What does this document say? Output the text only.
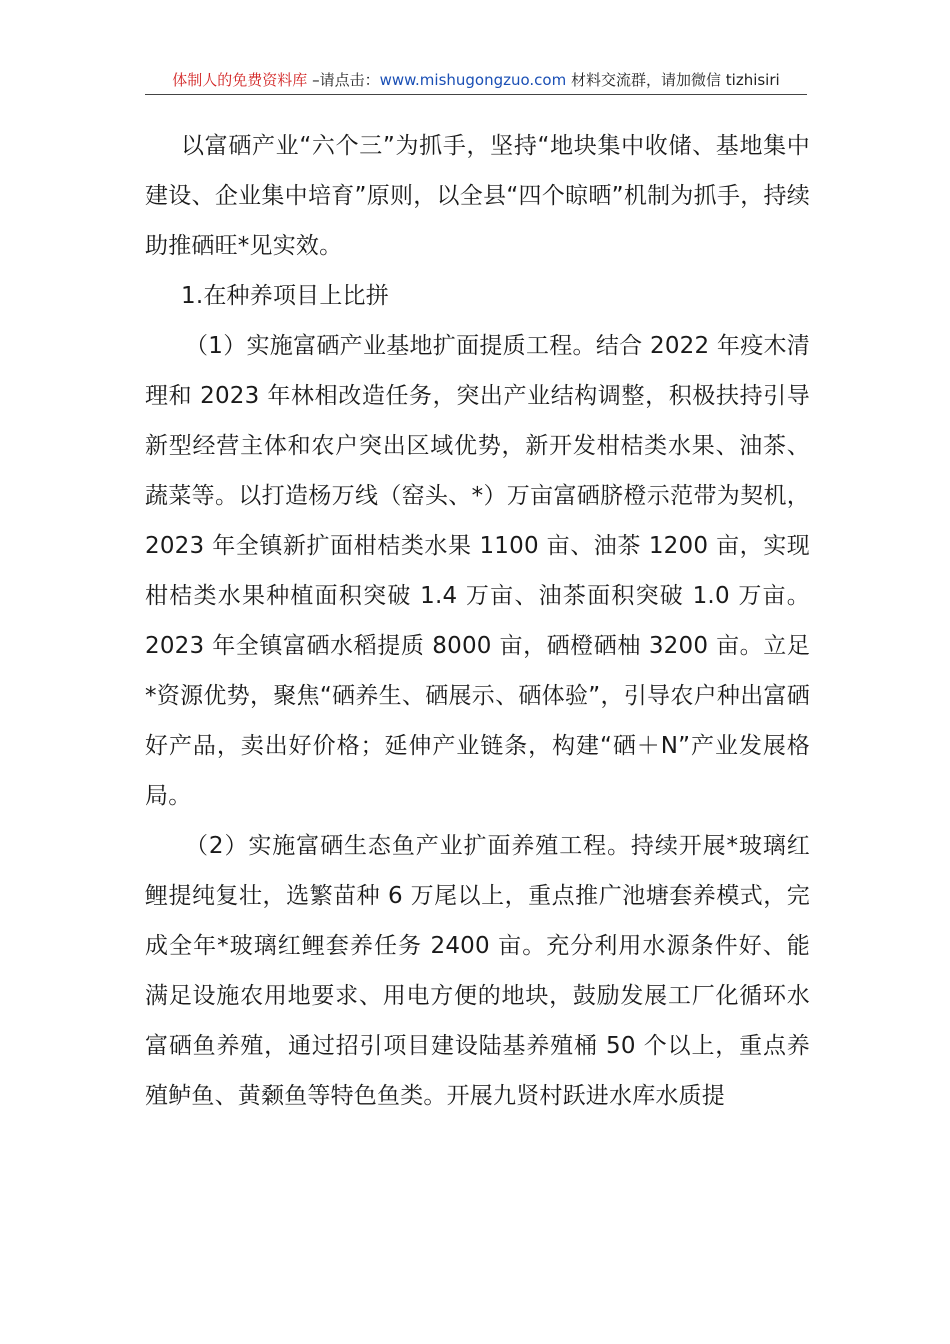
体制人的免费资料库 –请点击：www.mishugongzuo.com 材料交流群，请加微信 tizhisiri

以富硒产业“六个三”为抓手，坚持“地块集中收储、基地集中建设、企业集中培育”原则，以全县“四个晾晒”机制为抓手，持续助推硒旺*见实效。

1.在种养项目上比拼

（1）实施富硒产业基地扩面提质工程。结合 2022 年疫木清理和 2023 年林相改造任务，突出产业结构调整，积极扶持引导新型经营主体和农户突出区域优势，新开发柑桔类水果、油茶、蔬菜等。以打造杨万线（窑头、*）万亩富硒脐橙示范带为契机，2023 年全镇新扩面柑桔类水果 1100 亩、油茶 1200 亩，实现柑桔类水果种植面积突破 1.4 万亩、油茶面积突破 1.0 万亩。2023 年全镇富硒水稻提质 8000 亩，硒橙硒柚 3200 亩。立足*资源优势，聚焦“硒养生、硒展示、硒体验”，引导农户种出富硒好产品，卖出好价格；延伸产业链条，构建“硒＋N”产业发展格局。

（2）实施富硒生态鱼产业扩面养殖工程。持续开展*玻璃红鲤提纯复壮，选繁苗种 6 万尾以上，重点推广池塘套养模式，完成全年*玻璃红鲤套养任务 2400 亩。充分利用水源条件好、能满足设施农用地要求、用电方便的地块，鼓励发展工厂化循环水富硒鱼养殖，通过招引项目建设陆基养殖桶 50 个以上，重点养殖鲈鱼、黄颡鱼等特色鱼类。开展九贤村跃进水库水质提
